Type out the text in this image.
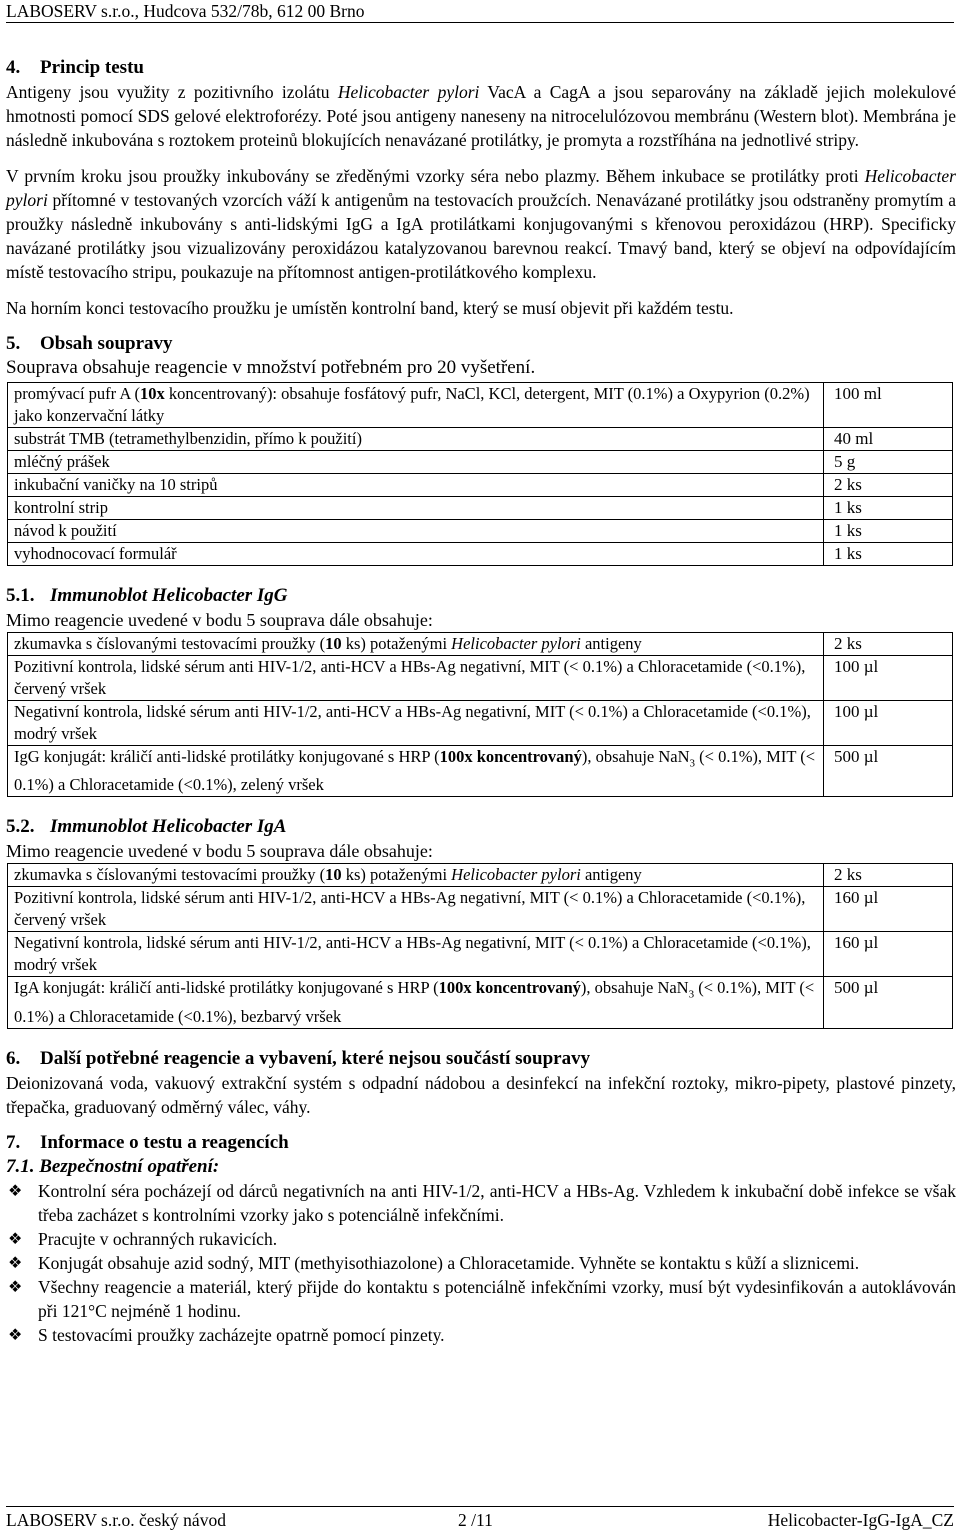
LABOSERV s.r.o., Hudcova 532/78b, 612 00 Brno
4. Princip testu

Antigeny jsou využity z pozitivního izolátu Helicobacter pylori VacA a CagA a jsou separovány na základě jejich molekulové hmotnosti pomocí SDS gelové elektroforézy. Poté jsou antigeny naneseny na nitrocelulózovou membránu (Western blot). Membrána je následně inkubována s roztokem proteinů blokujících nenavázané protilátky, je promyta a rozstříhána na jednotlivé stripy.

V prvním kroku jsou proužky inkubovány se zředěnými vzorky séra nebo plazmy. Během inkubace se protilátky proti Helicobacter pylori přítomné v testovaných vzorcích váží k antigenům na testovacích proužcích. Nenavázané protilátky jsou odstraněny promytím a proužky následně inkubovány s anti-lidskými IgG a IgA protilátkami konjugovanými s křenovou peroxidázou (HRP). Specificky navázané protilátky jsou vizualizovány peroxidázou katalyzovanou barevnou reakcí. Tmavý band, který se objeví na odpovídajícím místě testovacího stripu, poukazuje na přítomnost antigen-protilátkového komplexu.

Na horním konci testovacího proužku je umístěn kontrolní band, který se musí objevit při každém testu.

5. Obsah soupravy
Souprava obsahuje reagencie v množství potřebném pro 20 vyšetření.
promývací pufr A (10x koncentrovaný): obsahuje fosfátový pufr, NaCl, KCl, detergent, MIT (0.1%) a Oxypyrion (0.2%) jako konzervační látky	100 ml
substrát TMB (tetramethylbenzidin, přímo k použití)	40 ml
mléčný prášek	5 g
inkubační vaničky na 10 stripů	2 ks
kontrolní strip	1 ks
návod k použití	1 ks
vyhodnocovací formulář	1 ks
5.1. Immunoblot Helicobacter IgG
Mimo reagencie uvedené v bodu 5 souprava dále obsahuje:
zkumavka s číslovanými testovacími proužky (10 ks) potaženými Helicobacter pylori antigeny	2 ks
Pozitivní kontrola, lidské sérum anti HIV-1/2, anti-HCV a HBs-Ag negativní, MIT (< 0.1%) a Chloracetamide (<0.1%), červený vršek	100 µl
Negativní kontrola, lidské sérum anti HIV-1/2, anti-HCV a HBs-Ag negativní, MIT (< 0.1%) a Chloracetamide (<0.1%), modrý vršek	100 µl
IgG konjugát: králičí anti-lidské protilátky konjugované s HRP (100x koncentrovaný), obsahuje NaN$_3$ (< 0.1%), MIT (< 0.1%) a Chloracetamide (<0.1%), zelený vršek	500 µl
5.2. Immunoblot Helicobacter IgA
Mimo reagencie uvedené v bodu 5 souprava dále obsahuje:
zkumavka s číslovanými testovacími proužky (10 ks) potaženými Helicobacter pylori antigeny	2 ks
Pozitivní kontrola, lidské sérum anti HIV-1/2, anti-HCV a HBs-Ag negativní, MIT (< 0.1%) a Chloracetamide (<0.1%), červený vršek	160 µl
Negativní kontrola, lidské sérum anti HIV-1/2, anti-HCV a HBs-Ag negativní, MIT (< 0.1%) a Chloracetamide (<0.1%), modrý vršek	160 µl
IgA konjugát: králičí anti-lidské protilátky konjugované s HRP (100x koncentrovaný), obsahuje NaN$_3$ (< 0.1%), MIT (< 0.1%) a Chloracetamide (<0.1%), bezbarvý vršek	500 µl
6. Další potřebné reagencie a vybavení, které nejsou součástí soupravy

Deionizovaná voda, vakuový extrakční systém s odpadní nádobou a desinfekcí na infekční roztoky, mikro-pipety, plastové pinzety, třepačka, graduovaný odměrný válec, váhy.

7. Informace o testu a reagencích
7.1. Bezpečnostní opatření:
❖ Kontrolní séra pocházejí od dárců negativních na anti HIV-1/2, anti-HCV a HBs-Ag. Vzhledem k inkubační době infekce se však třeba zacházet s kontrolními vzorky jako s potenciálně infekčními.
❖ Pracujte v ochranných rukavicích.
❖ Konjugát obsahuje azid sodný, MIT (methyisothiazolone) a Chloracetamide. Vyhněte se kontaktu s kůží a sliznicemi.
❖ Všechny reagencie a materiál, který přijde do kontaktu s potenciálně infekčními vzorky, musí být vydesinfikován a autoklávován při 121°C nejméně 1 hodinu.
❖ S testovacími proužky zacházejte opatrně pomocí pinzety.
LABOSERV s.r.o. český návod	2 /11	Helicobacter-IgG-IgA_CZ
